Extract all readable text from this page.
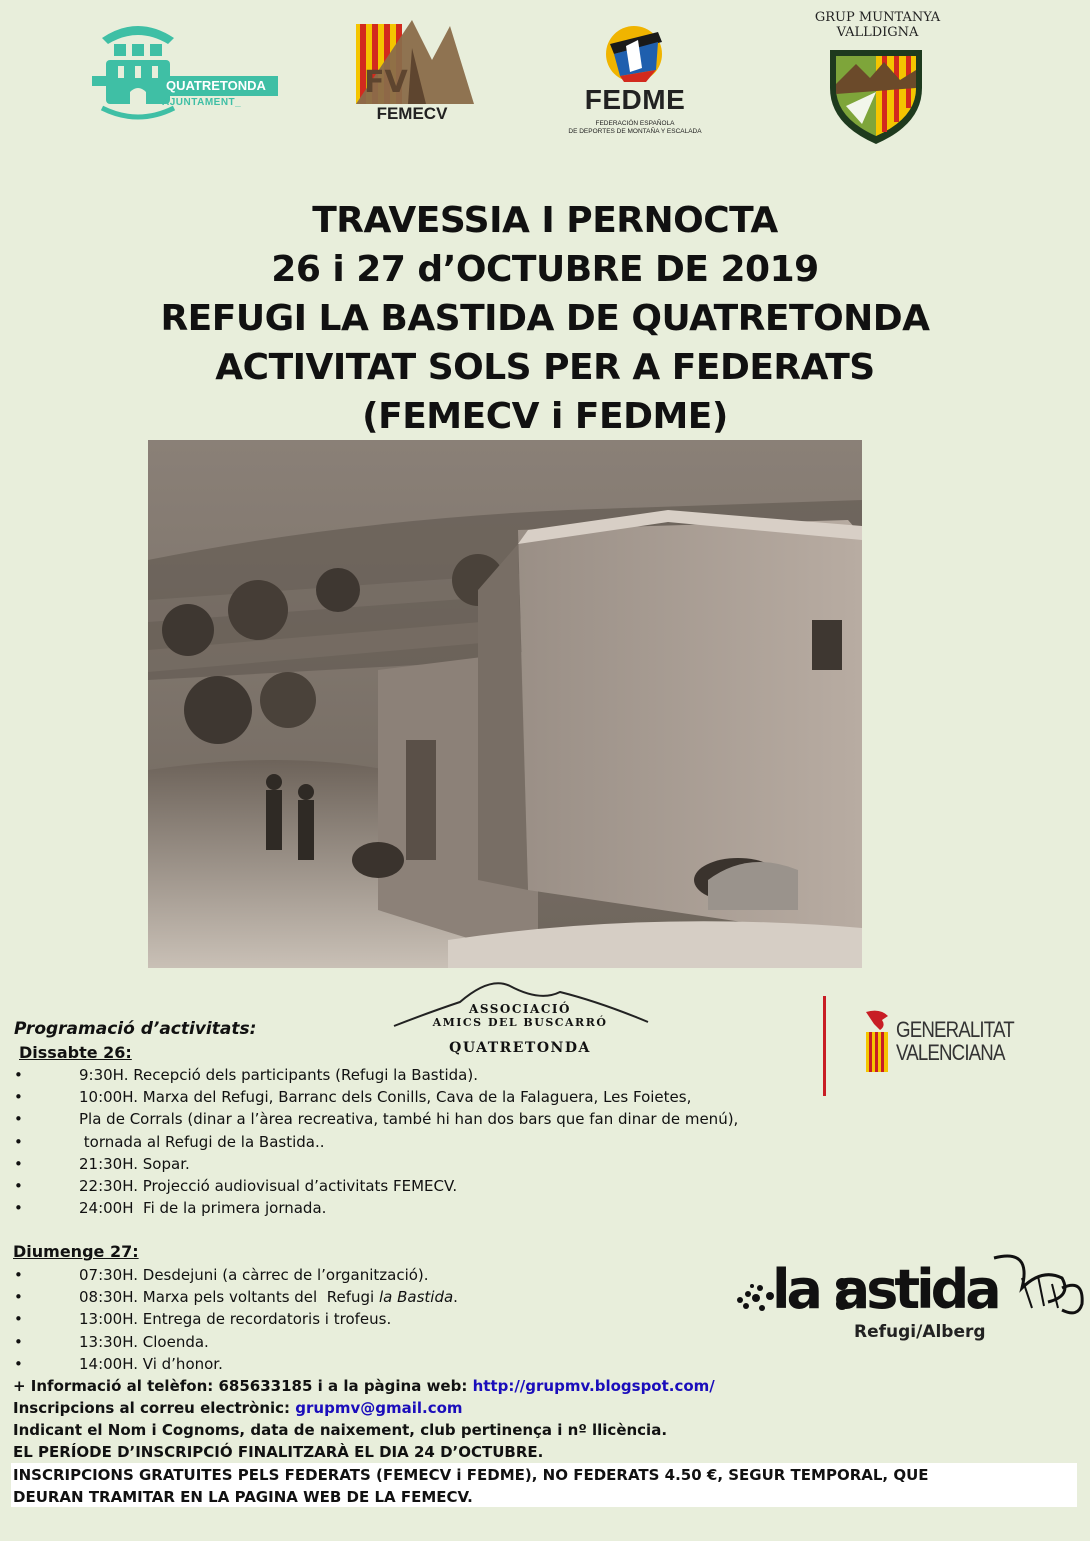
QUATRETONDA
AJUNTAMENT_
FV
FEMECV	FEDME
FEDERACIÓN ESPAÑOLA
DE DEPORTES DE MONTAÑA Y ESCALADA
GRUP MUNTANYA
VALLDIGNA
TRAVESSIA I PERNOCTA
26 i 27 d’OCTUBRE DE 2019
REFUGI LA BASTIDA DE QUATRETONDA
ACTIVITAT SOLS PER A FEDERATS
(FEMECV i FEDME)
ASSOCIACIÓ
AMICS DEL BUSCARRÓ
QUATRETONDA
GENERALITAT
VALENCIANA
Programació d’activitats:
Dissabte 26:
•	9:30H. Recepció dels participants (Refugi la Bastida).
•	10:00H. Marxa del Refugi, Barranc dels Conills, Cava de la Falaguera, Les Foietes,
•	Pla de Corrals (dinar a l’àrea recreativa, també hi han dos bars que fan dinar de menú),
•	tornada al Refugi de la Bastida..
•	21:30H. Sopar.
•	22:30H. Projecció audiovisual d’activitats FEMECV.
•	24:00H  Fi de la primera jornada.
Diumenge 27:
•	07:30H. Desdejuni (a càrrec de l’organització).
•	08:30H. Marxa pels voltants del  Refugi la Bastida.
•	13:00H. Entrega de recordatoris i trofeus.
•	13:30H. Cloenda.
•	14:00H. Vi d’honor.
la astida
Refugi/Alberg
+ Informació al telèfon: 685633185 i a la pàgina web: http://grupmv.blogspot.com/
Inscripcions al correu electrònic: grupmv@gmail.com
Indicant el Nom i Cognoms, data de naixement, club pertinença i nº llicència.
EL PERÍODE D’INSCRIPCIÓ FINALITZARÀ EL DIA 24 D’OCTUBRE.
INSCRIPCIONS GRATUITES PELS FEDERATS (FEMECV i FEDME), NO FEDERATS 4.50 €, SEGUR TEMPORAL, QUE
DEURAN TRAMITAR EN LA PAGINA WEB DE LA FEMECV.
